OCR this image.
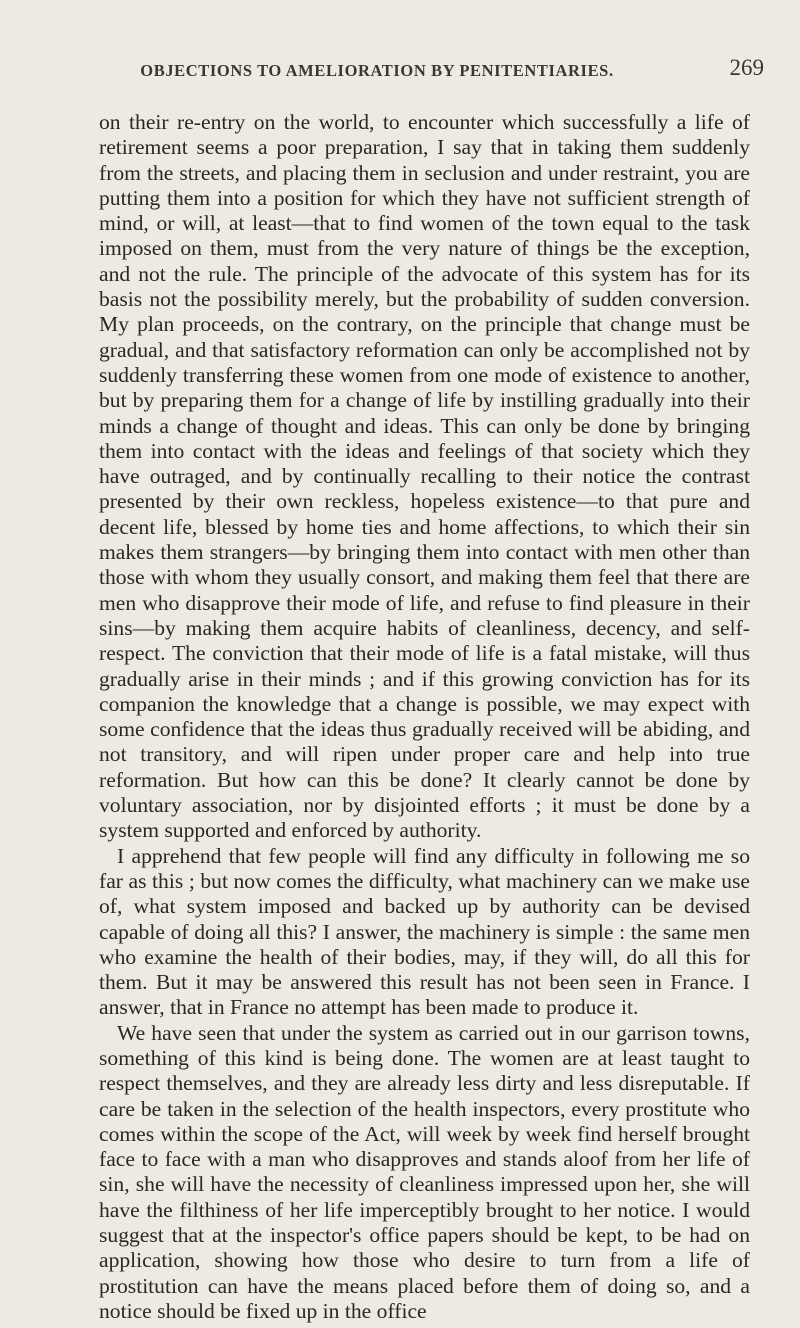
OBJECTIONS TO AMELIORATION BY PENITENTIARIES.	269

on their re-entry on the world, to encounter which successfully a life of retirement seems a poor preparation, I say that in taking them suddenly from the streets, and placing them in seclusion and under restraint, you are putting them into a position for which they have not sufficient strength of mind, or will, at least—that to find women of the town equal to the task imposed on them, must from the very nature of things be the exception, and not the rule. The principle of the advocate of this system has for its basis not the possibility merely, but the probability of sudden conversion. My plan proceeds, on the contrary, on the principle that change must be gradual, and that satisfactory reformation can only be accomplished not by suddenly transferring these women from one mode of existence to another, but by preparing them for a change of life by instilling gradually into their minds a change of thought and ideas. This can only be done by bringing them into contact with the ideas and feelings of that society which they have outraged, and by continually recalling to their notice the contrast presented by their own reckless, hopeless existence—to that pure and decent life, blessed by home ties and home affections, to which their sin makes them strangers—by bringing them into contact with men other than those with whom they usually consort, and making them feel that there are men who disapprove their mode of life, and refuse to find pleasure in their sins—by making them acquire habits of cleanliness, decency, and self-respect. The conviction that their mode of life is a fatal mistake, will thus gradually arise in their minds ; and if this growing conviction has for its companion the knowledge that a change is possible, we may expect with some confidence that the ideas thus gradually received will be abiding, and not transitory, and will ripen under proper care and help into true reformation. But how can this be done? It clearly cannot be done by voluntary association, nor by disjointed efforts ; it must be done by a system supported and enforced by authority.

I apprehend that few people will find any difficulty in following me so far as this ; but now comes the difficulty, what machinery can we make use of, what system imposed and backed up by authority can be devised capable of doing all this? I answer, the machinery is simple : the same men who examine the health of their bodies, may, if they will, do all this for them. But it may be answered this result has not been seen in France. I answer, that in France no attempt has been made to produce it.

We have seen that under the system as carried out in our garrison towns, something of this kind is being done. The women are at least taught to respect themselves, and they are already less dirty and less disreputable. If care be taken in the selection of the health inspectors, every prostitute who comes within the scope of the Act, will week by week find herself brought face to face with a man who disapproves and stands aloof from her life of sin, she will have the necessity of cleanliness impressed upon her, she will have the filthiness of her life imperceptibly brought to her notice. I would suggest that at the inspector's office papers should be kept, to be had on application, showing how those who desire to turn from a life of prostitution can have the means placed before them of doing so, and a notice should be fixed up in the office
